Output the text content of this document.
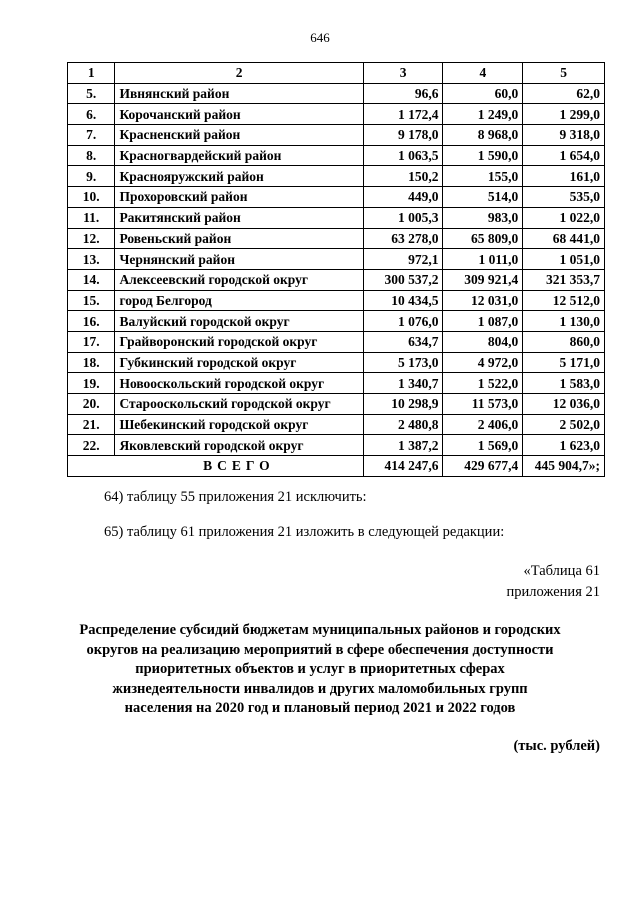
646
1	2	3	4	5
5.	Ивнянский район	96,6	60,0	62,0
6.	Корочанский район	1 172,4	1 249,0	1 299,0
7.	Красненский район	9 178,0	8 968,0	9 318,0
8.	Красногвардейский район	1 063,5	1 590,0	1 654,0
9.	Краснояружский район	150,2	155,0	161,0
10.	Прохоровский район	449,0	514,0	535,0
11.	Ракитянский район	1 005,3	983,0	1 022,0
12.	Ровеньский район	63 278,0	65 809,0	68 441,0
13.	Чернянский район	972,1	1 011,0	1 051,0
14.	Алексеевский городской округ	300 537,2	309 921,4	321 353,7
15.	город Белгород	10 434,5	12 031,0	12 512,0
16.	Валуйский городской округ	1 076,0	1 087,0	1 130,0
17.	Грайворонский городской округ	634,7	804,0	860,0
18.	Губкинский городской округ	5 173,0	4 972,0	5 171,0
19.	Новооскольский городской округ	1 340,7	1 522,0	1 583,0
20.	Старооскольский городской округ	10 298,9	11 573,0	12 036,0
21.	Шебекинский городской округ	2 480,8	2 406,0	2 502,0
22.	Яковлевский городской округ	1 387,2	1 569,0	1 623,0
	ВСЕГО	414 247,6	429 677,4	445 904,7»;
64) таблицу 55 приложения 21 исключить:
65) таблицу 61 приложения 21 изложить в следующей редакции:
«Таблица 61
приложения 21
Распределение субсидий бюджетам муниципальных районов и городских
округов на реализацию мероприятий в сфере обеспечения доступности
приоритетных объектов и услуг в приоритетных сферах
жизнедеятельности инвалидов и других маломобильных групп
населения на 2020 год и плановый период 2021 и 2022 годов
(тыс. рублей)
